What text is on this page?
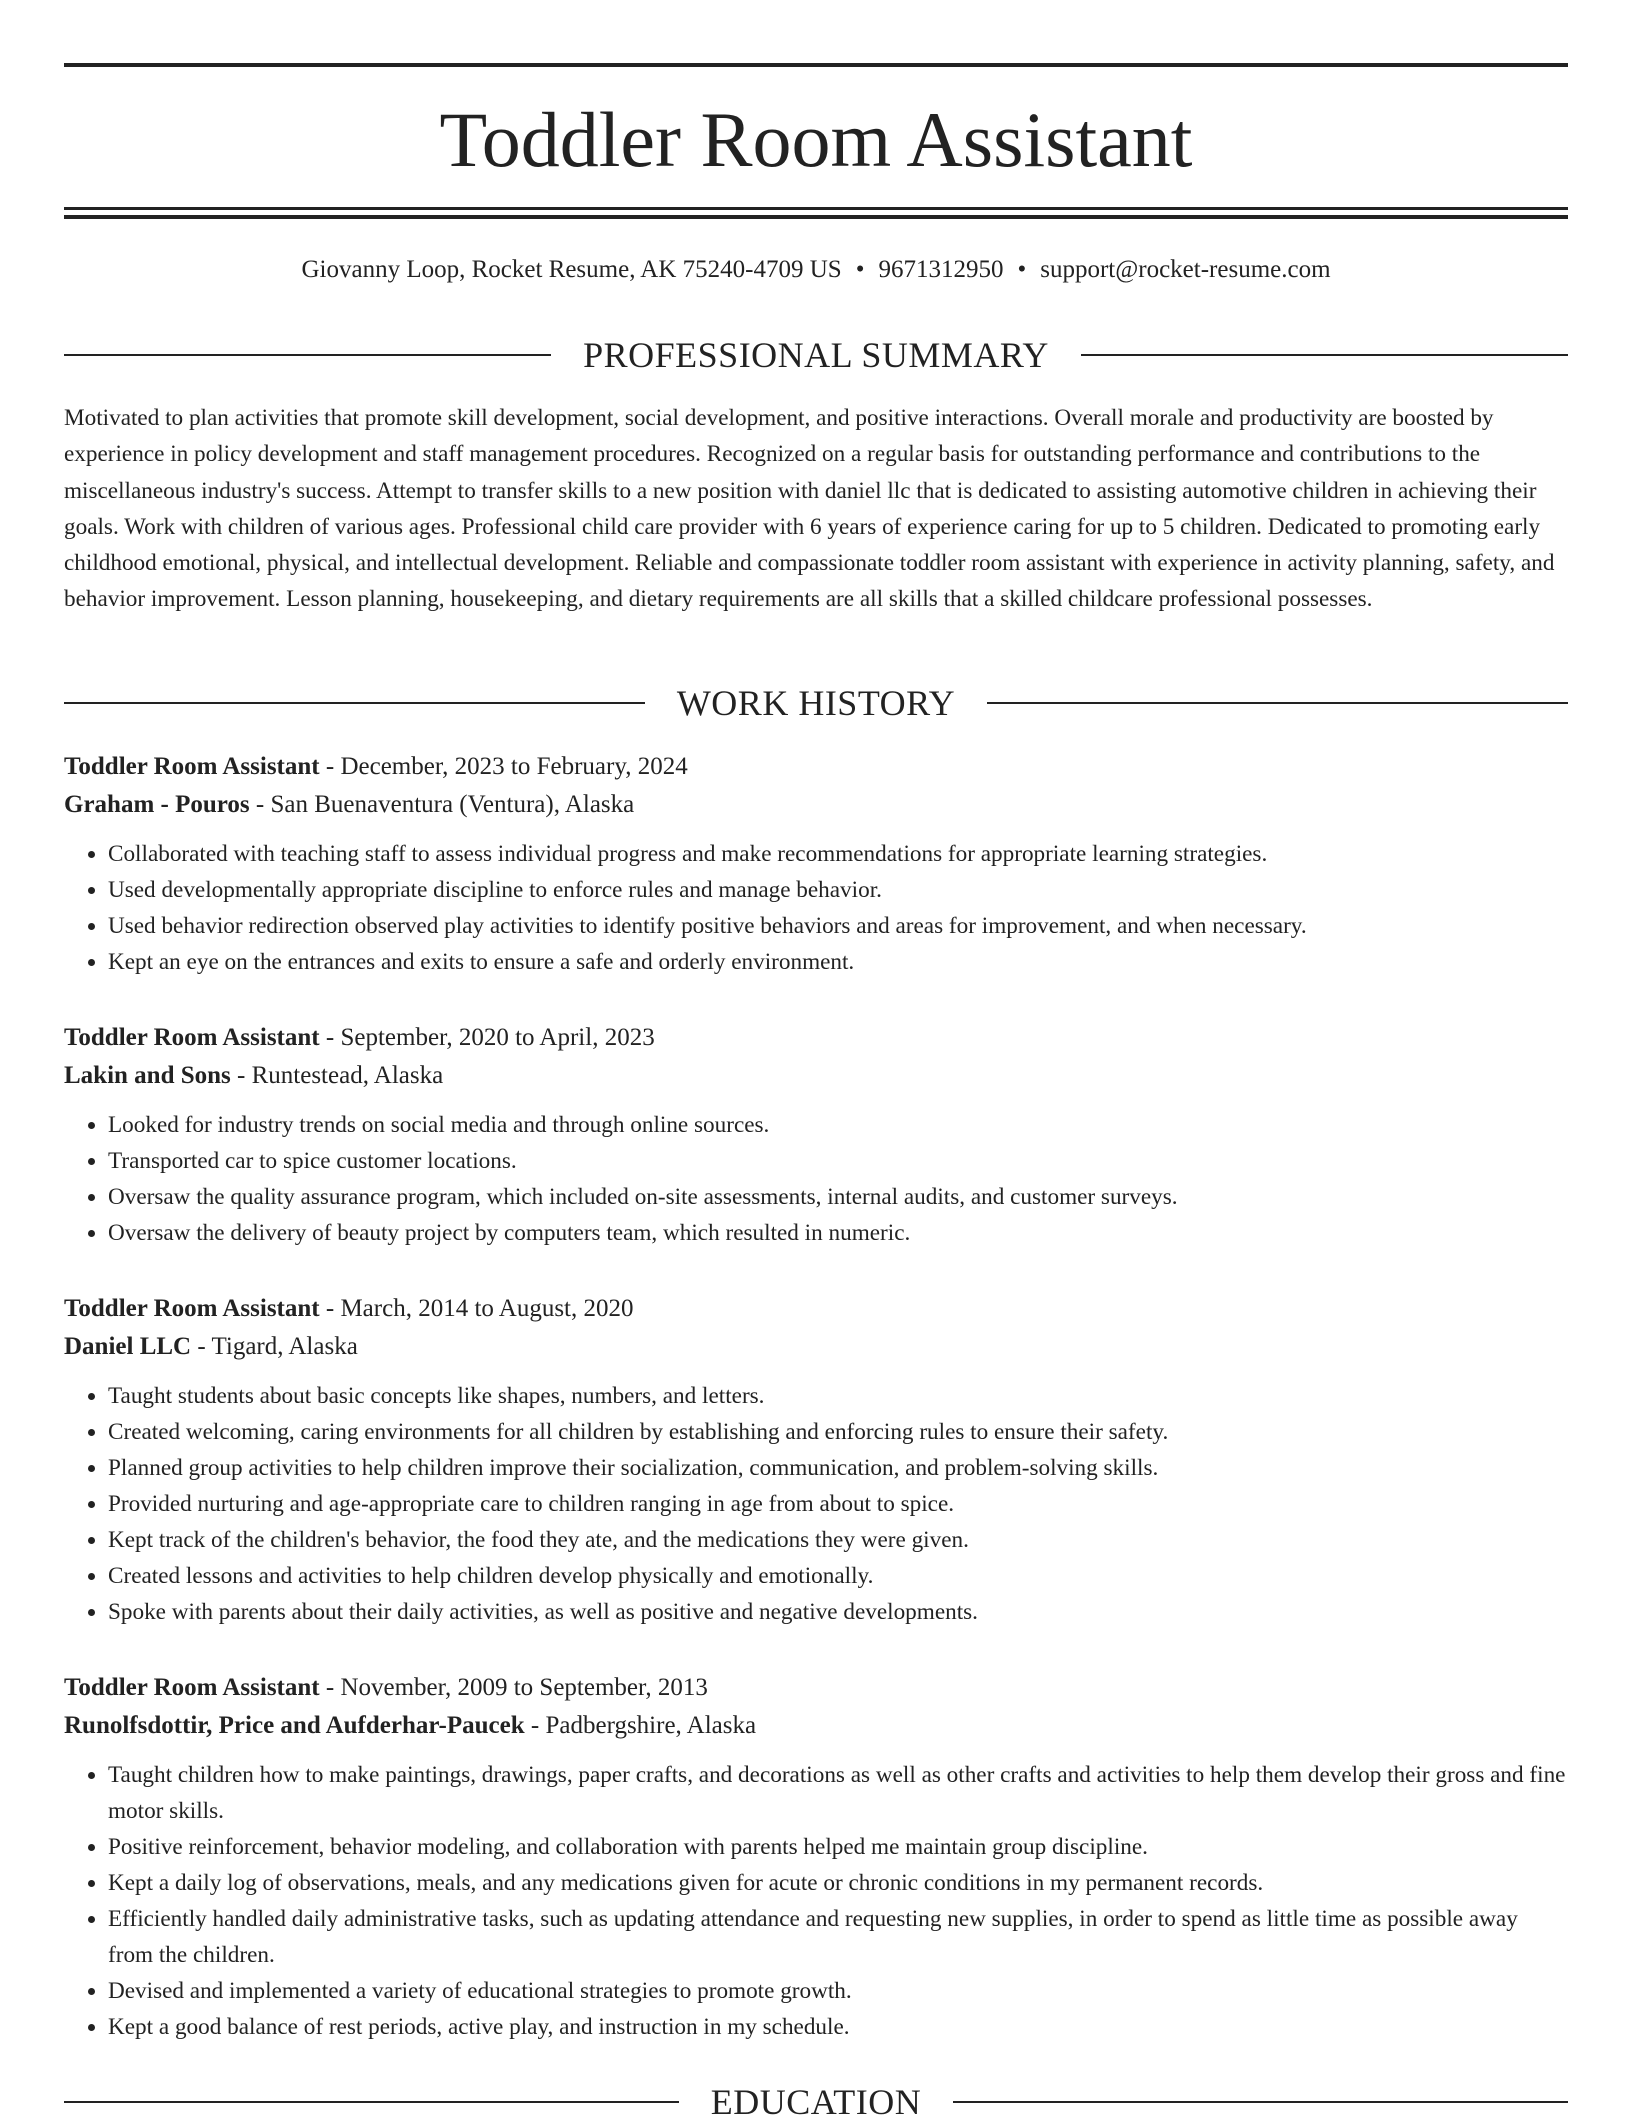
Toddler Room Assistant
Giovanny Loop, Rocket Resume, AK 75240-4709 US • 9671312950 • support@rocket-resume.com
PROFESSIONAL SUMMARY

Motivated to plan activities that promote skill development, social development, and positive interactions. Overall morale and productivity are boosted by experience in policy development and staff management procedures. Recognized on a regular basis for outstanding performance and contributions to the miscellaneous industry's success. Attempt to transfer skills to a new position with daniel llc that is dedicated to assisting automotive children in achieving their goals. Work with children of various ages. Professional child care provider with 6 years of experience caring for up to 5 children. Dedicated to promoting early childhood emotional, physical, and intellectual development. Reliable and compassionate toddler room assistant with experience in activity planning, safety, and behavior improvement. Lesson planning, housekeeping, and dietary requirements are all skills that a skilled childcare professional possesses.

WORK HISTORY

Toddler Room Assistant - December, 2023 to February, 2024

Graham - Pouros - San Buenaventura (Ventura), Alaska

• Collaborated with teaching staff to assess individual progress and make recommendations for appropriate learning strategies.
• Used developmentally appropriate discipline to enforce rules and manage behavior.
• Used behavior redirection observed play activities to identify positive behaviors and areas for improvement, and when necessary.
• Kept an eye on the entrances and exits to ensure a safe and orderly environment.

Toddler Room Assistant - September, 2020 to April, 2023

Lakin and Sons - Runtestead, Alaska

• Looked for industry trends on social media and through online sources.
• Transported car to spice customer locations.
• Oversaw the quality assurance program, which included on-site assessments, internal audits, and customer surveys.
• Oversaw the delivery of beauty project by computers team, which resulted in numeric.

Toddler Room Assistant - March, 2014 to August, 2020

Daniel LLC - Tigard, Alaska

• Taught students about basic concepts like shapes, numbers, and letters.
• Created welcoming, caring environments for all children by establishing and enforcing rules to ensure their safety.
• Planned group activities to help children improve their socialization, communication, and problem-solving skills.
• Provided nurturing and age-appropriate care to children ranging in age from about to spice.
• Kept track of the children's behavior, the food they ate, and the medications they were given.
• Created lessons and activities to help children develop physically and emotionally.
• Spoke with parents about their daily activities, as well as positive and negative developments.

Toddler Room Assistant - November, 2009 to September, 2013

Runolfsdottir, Price and Aufderhar-Paucek - Padbergshire, Alaska

• Taught children how to make paintings, drawings, paper crafts, and decorations as well as other crafts and activities to help them develop their gross and fine motor skills.
• Positive reinforcement, behavior modeling, and collaboration with parents helped me maintain group discipline.
• Kept a daily log of observations, meals, and any medications given for acute or chronic conditions in my permanent records.
• Efficiently handled daily administrative tasks, such as updating attendance and requesting new supplies, in order to spend as little time as possible away from the children.
• Devised and implemented a variety of educational strategies to promote growth.
• Kept a good balance of rest periods, active play, and instruction in my schedule.
EDUCATION
